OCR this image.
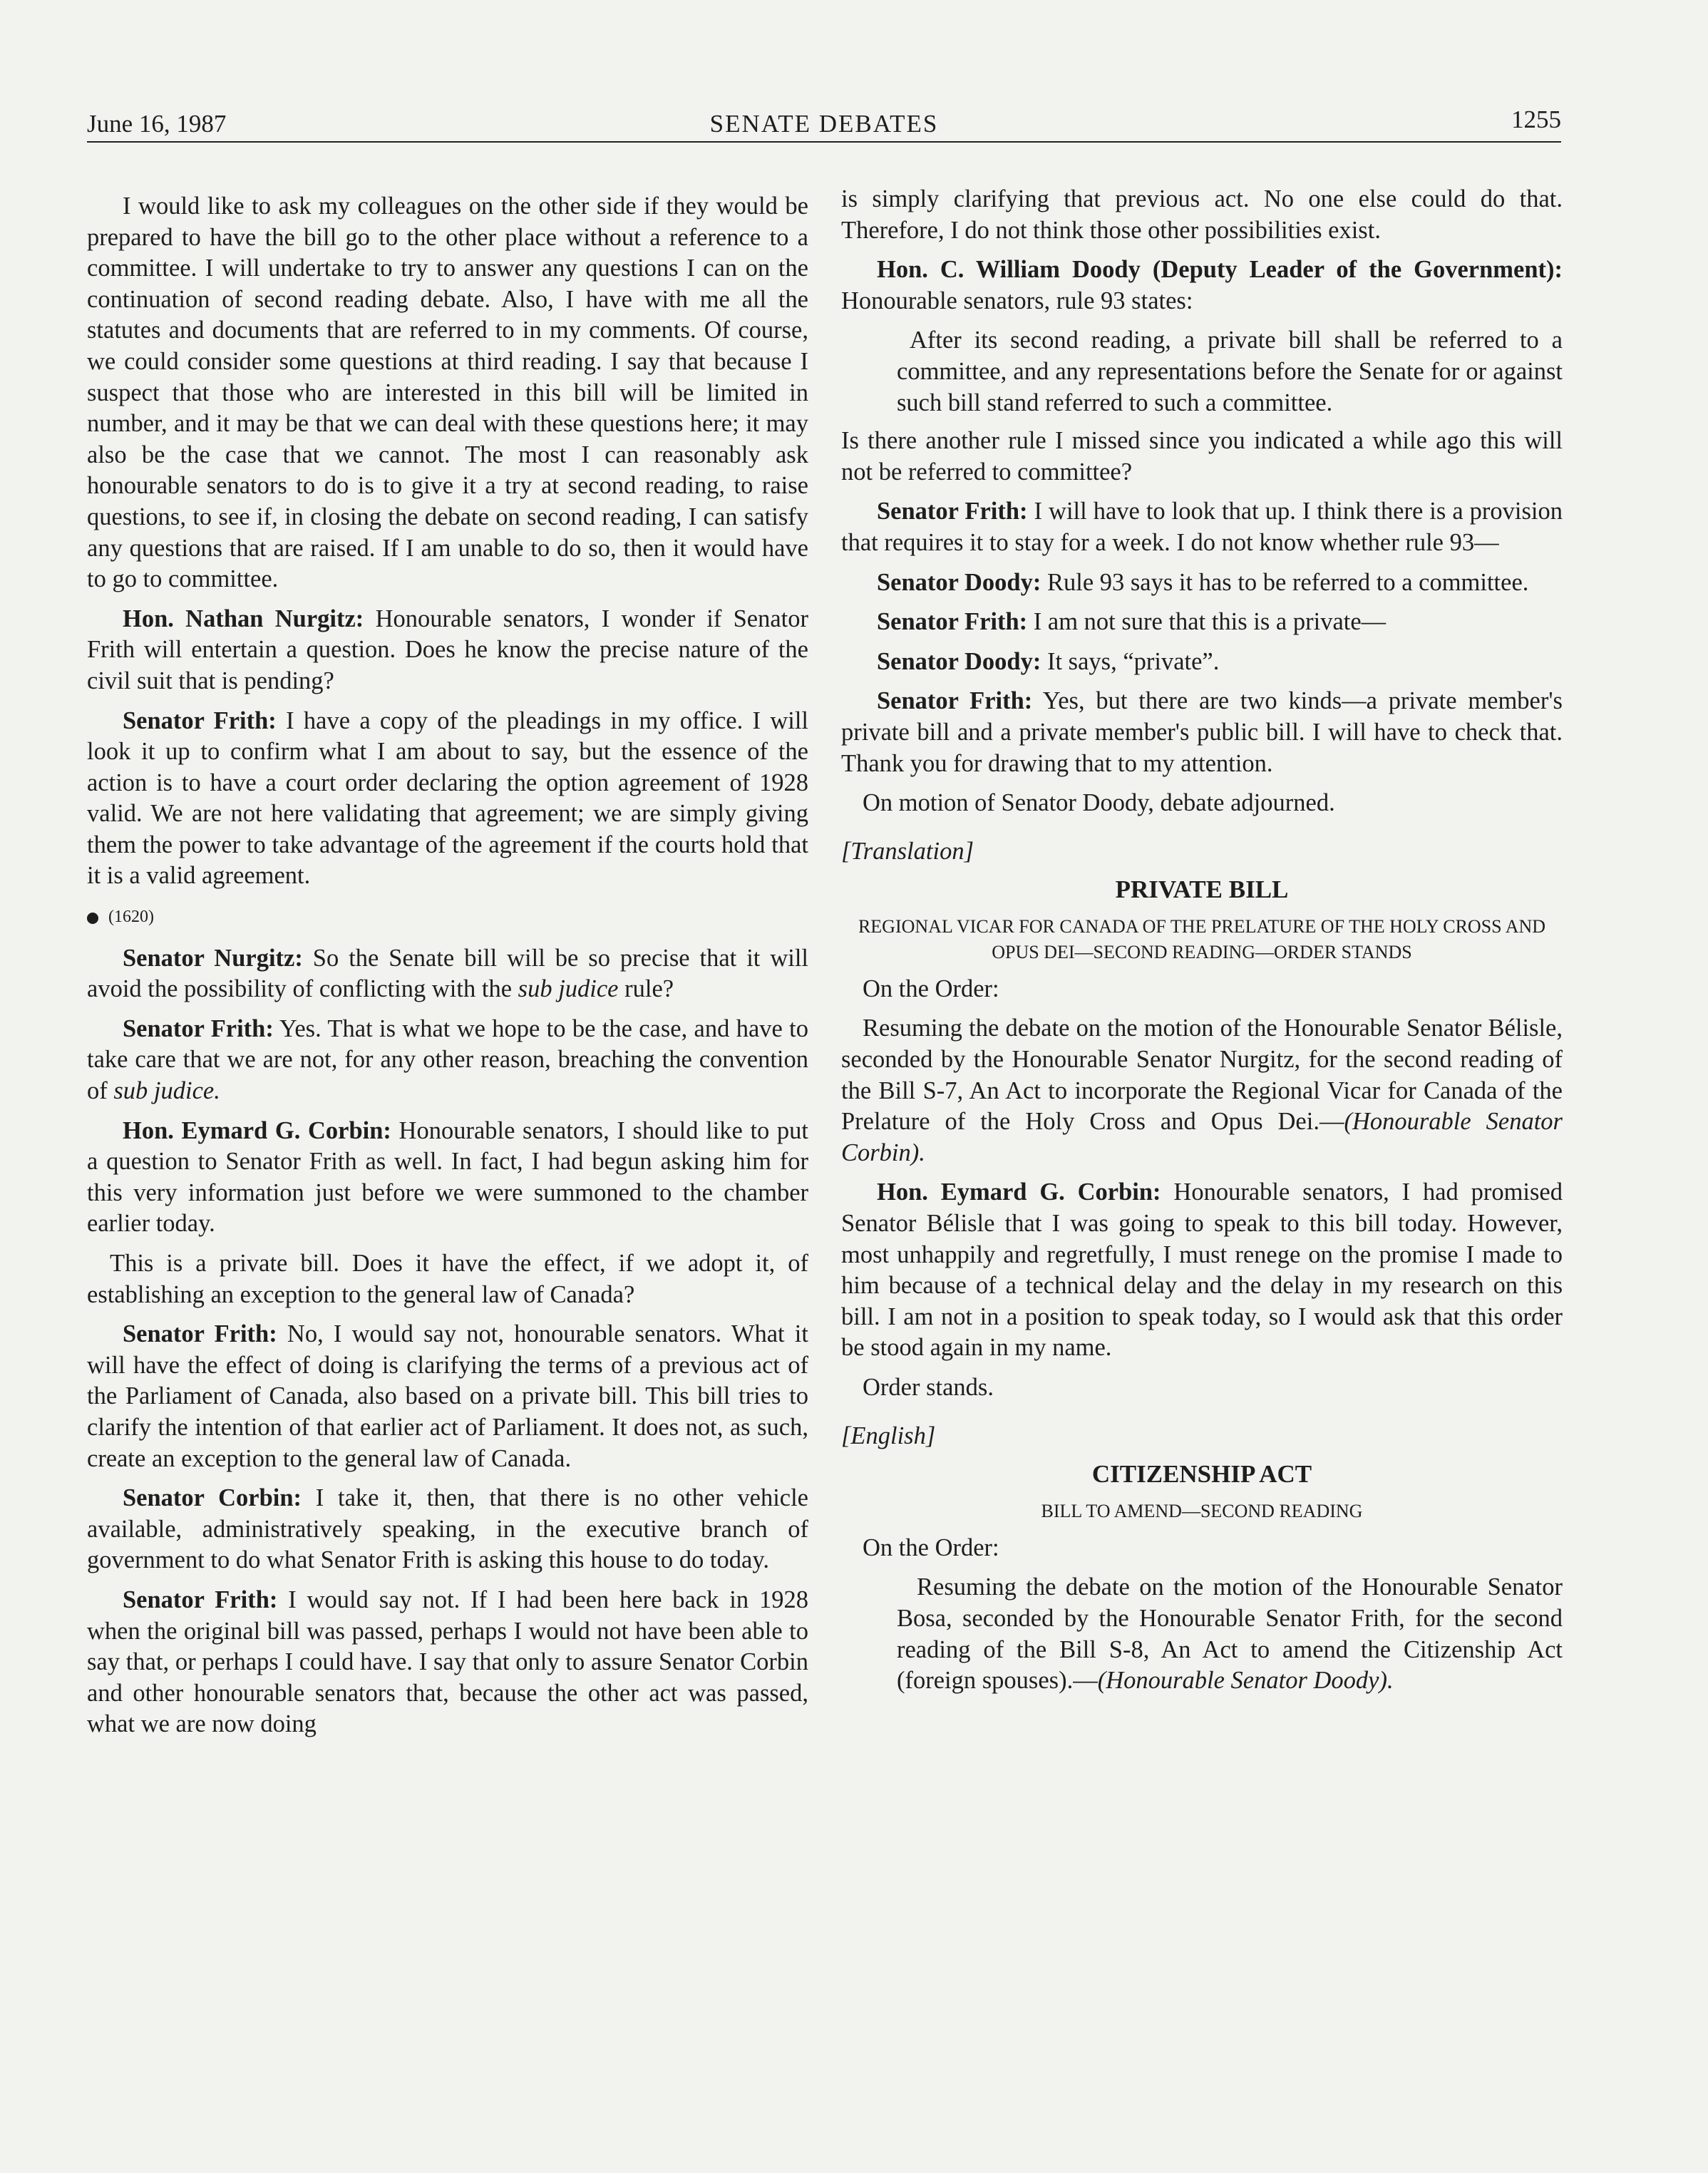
June 16, 1987	SENATE DEBATES	1255

I would like to ask my colleagues on the other side if they would be prepared to have the bill go to the other place without a reference to a committee. I will undertake to try to answer any questions I can on the continuation of second reading debate. Also, I have with me all the statutes and documents that are referred to in my comments. Of course, we could consider some questions at third reading. I say that because I suspect that those who are interested in this bill will be limited in number, and it may be that we can deal with these questions here; it may also be the case that we cannot. The most I can reasonably ask honourable senators to do is to give it a try at second reading, to raise questions, to see if, in closing the debate on second reading, I can satisfy any questions that are raised. If I am unable to do so, then it would have to go to committee.

Hon. Nathan Nurgitz: Honourable senators, I wonder if Senator Frith will entertain a question. Does he know the precise nature of the civil suit that is pending?

Senator Frith: I have a copy of the pleadings in my office. I will look it up to confirm what I am about to say, but the essence of the action is to have a court order declaring the option agreement of 1928 valid. We are not here validating that agreement; we are simply giving them the power to take advantage of the agreement if the courts hold that it is a valid agreement.

(1620)

Senator Nurgitz: So the Senate bill will be so precise that it will avoid the possibility of conflicting with the sub judice rule?

Senator Frith: Yes. That is what we hope to be the case, and have to take care that we are not, for any other reason, breaching the convention of sub judice.

Hon. Eymard G. Corbin: Honourable senators, I should like to put a question to Senator Frith as well. In fact, I had begun asking him for this very information just before we were summoned to the chamber earlier today.

This is a private bill. Does it have the effect, if we adopt it, of establishing an exception to the general law of Canada?

Senator Frith: No, I would say not, honourable senators. What it will have the effect of doing is clarifying the terms of a previous act of the Parliament of Canada, also based on a private bill. This bill tries to clarify the intention of that earlier act of Parliament. It does not, as such, create an exception to the general law of Canada.

Senator Corbin: I take it, then, that there is no other vehicle available, administratively speaking, in the executive branch of government to do what Senator Frith is asking this house to do today.

Senator Frith: I would say not. If I had been here back in 1928 when the original bill was passed, perhaps I would not have been able to say that, or perhaps I could have. I say that only to assure Senator Corbin and other honourable senators that, because the other act was passed, what we are now doing

is simply clarifying that previous act. No one else could do that. Therefore, I do not think those other possibilities exist.

Hon. C. William Doody (Deputy Leader of the Government): Honourable senators, rule 93 states:

After its second reading, a private bill shall be referred to a committee, and any representations before the Senate for or against such bill stand referred to such a committee.

Is there another rule I missed since you indicated a while ago this will not be referred to committee?

Senator Frith: I will have to look that up. I think there is a provision that requires it to stay for a week. I do not know whether rule 93—

Senator Doody: Rule 93 says it has to be referred to a committee.

Senator Frith: I am not sure that this is a private—

Senator Doody: It says, “private”.

Senator Frith: Yes, but there are two kinds—a private member's private bill and a private member's public bill. I will have to check that. Thank you for drawing that to my attention.

On motion of Senator Doody, debate adjourned.

[Translation]

PRIVATE BILL

REGIONAL VICAR FOR CANADA OF THE PRELATURE OF THE HOLY CROSS AND OPUS DEI—SECOND READING—ORDER STANDS

On the Order:

Resuming the debate on the motion of the Honourable Senator Bélisle, seconded by the Honourable Senator Nurgitz, for the second reading of the Bill S-7, An Act to incorporate the Regional Vicar for Canada of the Prelature of the Holy Cross and Opus Dei.—(Honourable Senator Corbin).

Hon. Eymard G. Corbin: Honourable senators, I had promised Senator Bélisle that I was going to speak to this bill today. However, most unhappily and regretfully, I must renege on the promise I made to him because of a technical delay and the delay in my research on this bill. I am not in a position to speak today, so I would ask that this order be stood again in my name.

Order stands.

[English]

CITIZENSHIP ACT

BILL TO AMEND—SECOND READING

On the Order:

Resuming the debate on the motion of the Honourable Senator Bosa, seconded by the Honourable Senator Frith, for the second reading of the Bill S-8, An Act to amend the Citizenship Act (foreign spouses).—(Honourable Senator Doody).
